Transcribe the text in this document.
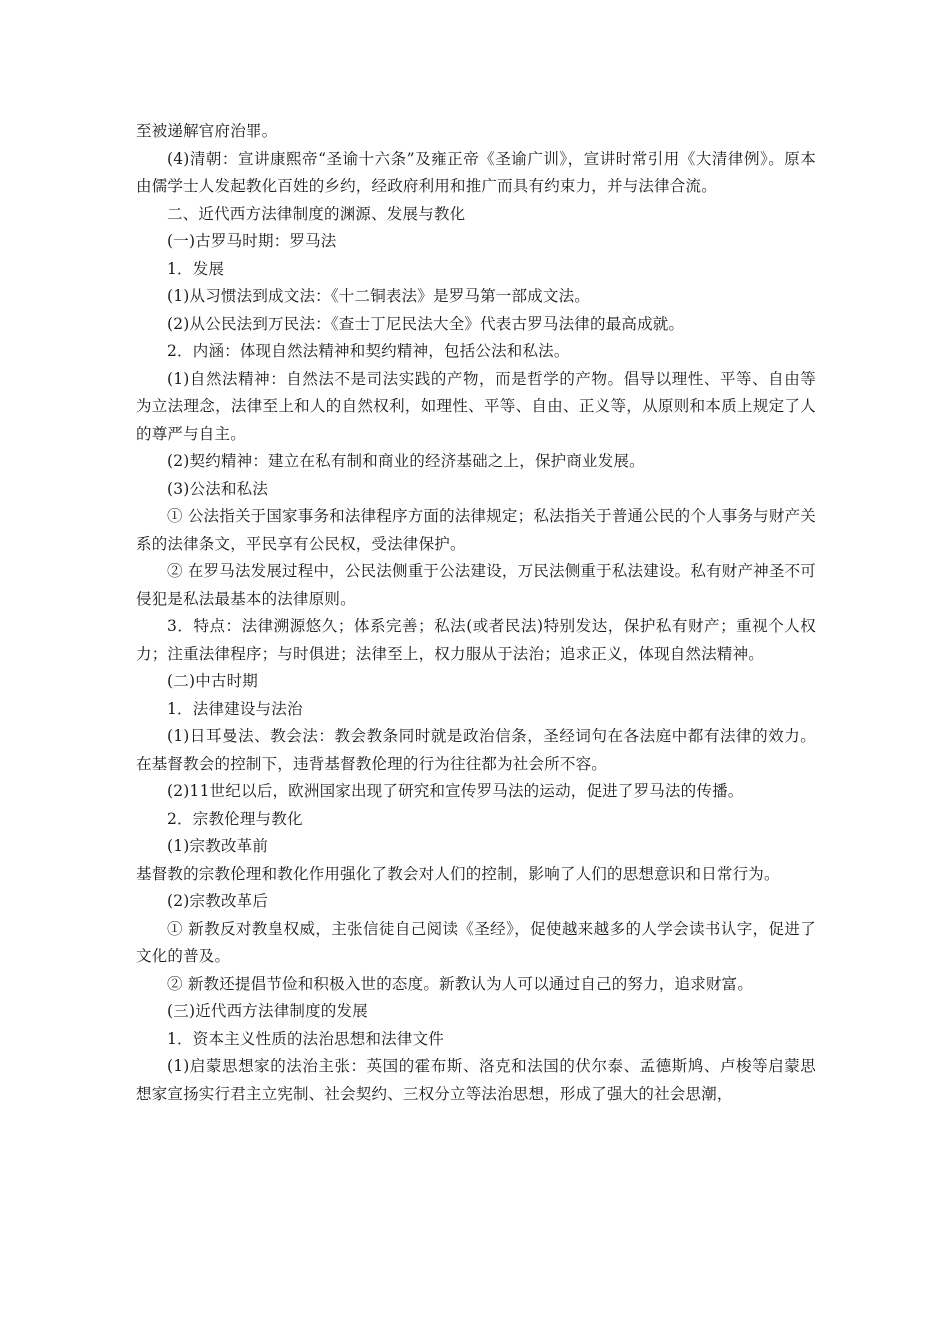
至被递解官府治罪。

(4)清朝：宣讲康熙帝“圣谕十六条”及雍正帝《圣谕广训》，宣讲时常引用《大清律例》。原本由儒学士人发起教化百姓的乡约，经政府利用和推广而具有约束力，并与法律合流。

二、近代西方法律制度的渊源、发展与教化

(一)古罗马时期：罗马法

1．发展

(1)从习惯法到成文法：《十二铜表法》是罗马第一部成文法。

(2)从公民法到万民法：《查士丁尼民法大全》代表古罗马法律的最高成就。

2．内涵：体现自然法精神和契约精神，包括公法和私法。

(1)自然法精神：自然法不是司法实践的产物，而是哲学的产物。倡导以理性、平等、自由等为立法理念，法律至上和人的自然权利，如理性、平等、自由、正义等，从原则和本质上规定了人的尊严与自主。

(2)契约精神：建立在私有制和商业的经济基础之上，保护商业发展。

(3)公法和私法

① 公法指关于国家事务和法律程序方面的法律规定；私法指关于普通公民的个人事务与财产关系的法律条文，平民享有公民权，受法律保护。

② 在罗马法发展过程中，公民法侧重于公法建设，万民法侧重于私法建设。私有财产神圣不可侵犯是私法最基本的法律原则。

3．特点：法律溯源悠久；体系完善；私法(或者民法)特别发达，保护私有财产；重视个人权力；注重法律程序；与时俱进；法律至上，权力服从于法治；追求正义，体现自然法精神。

(二)中古时期

1．法律建设与法治

(1)日耳曼法、教会法：教会教条同时就是政治信条，圣经词句在各法庭中都有法律的效力。在基督教会的控制下，违背基督教伦理的行为往往都为社会所不容。

(2)11世纪以后，欧洲国家出现了研究和宣传罗马法的运动，促进了罗马法的传播。

2．宗教伦理与教化

(1)宗教改革前

基督教的宗教伦理和教化作用强化了教会对人们的控制，影响了人们的思想意识和日常行为。

(2)宗教改革后

① 新教反对教皇权威，主张信徒自己阅读《圣经》，促使越来越多的人学会读书认字，促进了文化的普及。

② 新教还提倡节俭和积极入世的态度。新教认为人可以通过自己的努力，追求财富。

(三)近代西方法律制度的发展

1．资本主义性质的法治思想和法律文件

(1)启蒙思想家的法治主张：英国的霍布斯、洛克和法国的伏尔泰、孟德斯鸠、卢梭等启蒙思想家宣扬实行君主立宪制、社会契约、三权分立等法治思想，形成了强大的社会思潮，
